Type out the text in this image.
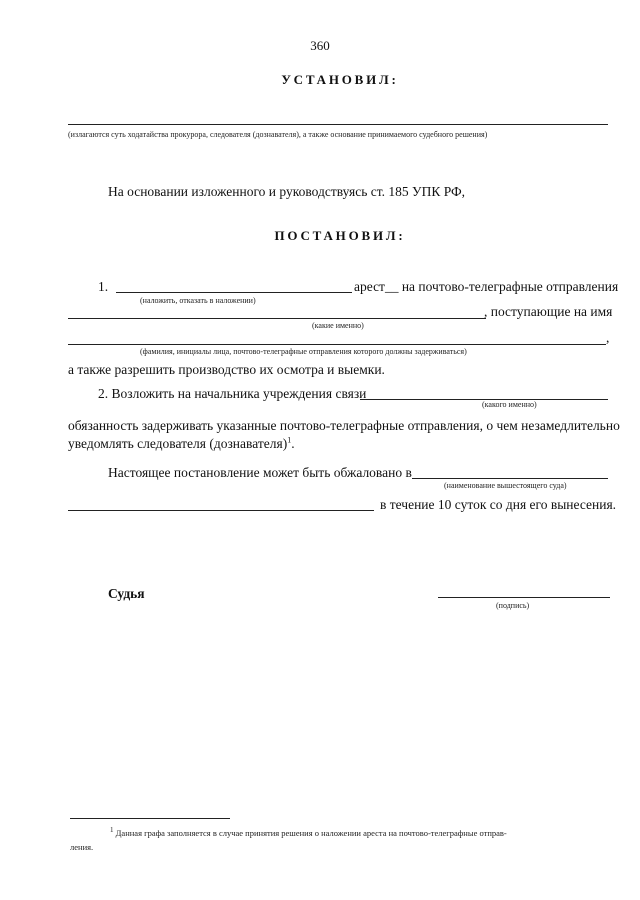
360
УСТАНОВИЛ:
(излагаются суть ходатайства прокурора, следователя (дознавателя), а также основание принимаемого судебного решения)
На основании изложенного и руководствуясь ст. 185 УПК РФ,
ПОСТАНОВИЛ:
1.	арест__ на почтово-телеграфные отправления
(наложить, отказать в наложении)
, поступающие на имя
(какие именно)
,
(фамилия, инициалы лица, почтово-телеграфные отправления которого должны задерживаться)
а также разрешить производство их осмотра и выемки.
2. Возложить на начальника учреждения связи
(какого именно)
обязанность задерживать указанные почтово-телеграфные отправления, о чем незамедлительно
уведомлять следователя (дознавателя)$^1$.
Настоящее постановление может быть обжаловано в
(наименование вышестоящего суда)
в течение 10 суток со дня его вынесения.
Судья
(подпись)
$^1$ Данная графа заполняется в случае принятия решения о наложении ареста на почтово-телеграфные отправ-
ления.
